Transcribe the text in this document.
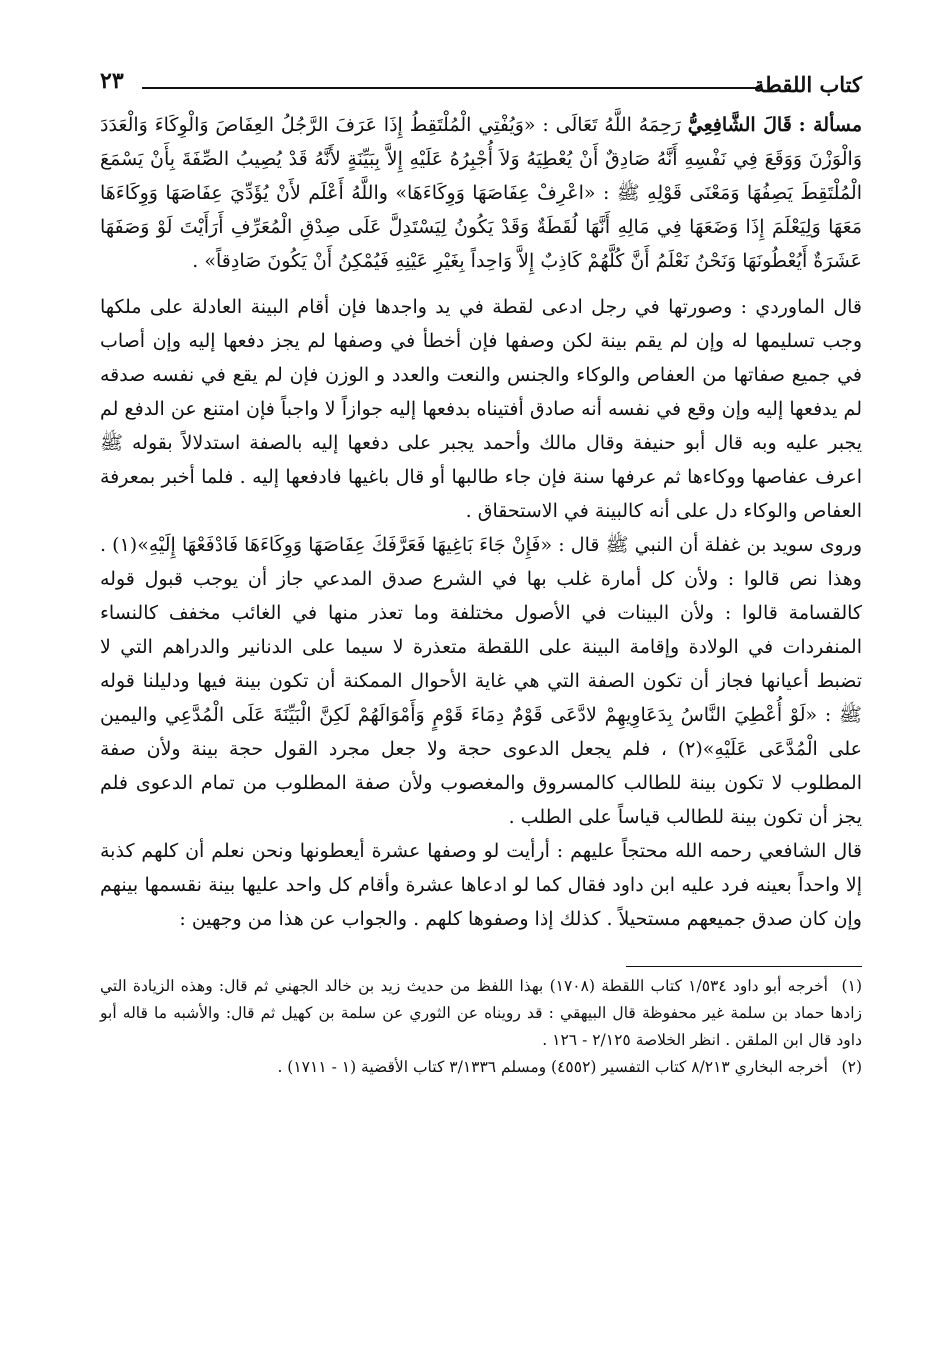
كتاب اللقطة
٢٣

مسألة : قَالَ الشَّافِعِيُّ رَحِمَهُ اللَّهُ تَعَالَى : «وَيُفْتِي الْمُلْتَقِطُ إِذَا عَرَفَ الرَّجُلُ العِفَاصَ وَالْوِكَاءَ وَالْعَدَدَ وَالْوَزْنَ وَوَقَعَ فِي نَفْسِهِ أَنَّهُ صَادِقٌ أَنْ يُعْطِيَهُ وَلاَ أُجْبِرُهُ عَلَيْهِ إِلاَّ بِبَيِّنَةٍ لأَنَّهُ قَدْ يُصِيبُ الصِّفَةَ بِأَنْ يَسْمَعَ الْمُلْتَقِطَ يَصِفُهَا وَمَعْنَى قَوْلِهِ ﷺ : «اعْرِفْ عِفَاصَهَا وَوِكَاءَهَا» واللَّهُ أَعْلَم لأَنْ يُؤَدِّيَ عِفَاصَهَا وَوِكَاءَهَا مَعَهَا وَلِيَعْلَمَ إِذَا وَضَعَهَا فِي مَالِهِ أَنَّهَا لُقَطَةٌ وَقَدْ يَكُونُ لِيَسْتَدِلَّ عَلَى صِدْقِ الْمُعَرِّفِ أَرَأَيْتَ لَوْ وَصَفَهَا عَشَرَةٌ أَيُعْطُونَهَا وَنَحْنُ نَعْلَمُ أَنَّ كُلَّهُمْ كَاذِبٌ إِلاَّ وَاحِداً بِغَيْرِ عَيْنِهِ فَيُمْكِنُ أَنْ يَكُونَ صَادِقاً» .

قال الماوردي : وصورتها في رجل ادعى لقطة في يد واجدها فإن أقام البينة العادلة على ملكها وجب تسليمها له وإن لم يقم بينة لكن وصفها فإن أخطأ في وصفها لم يجز دفعها إليه وإن أصاب في جميع صفاتها من العفاص والوكاء والجنس والنعت والعدد و الوزن فإن لم يقع في نفسه صدقه لم يدفعها إليه وإن وقع في نفسه أنه صادق أفتيناه بدفعها إليه جوازاً لا واجباً فإن امتنع عن الدفع لم يجبر عليه وبه قال أبو حنيفة وقال مالك وأحمد يجبر على دفعها إليه بالصفة استدلالاً بقوله ﷺ اعرف عفاصها ووكاءها ثم عرفها سنة فإن جاء طالبها أو قال باغيها فادفعها إليه . فلما أخبر بمعرفة العفاص والوكاء دل على أنه كالبينة في الاستحقاق .

وروى سويد بن غفلة أن النبي ﷺ قال : «فَإِنْ جَاءَ بَاغِيهَا فَعَرَّفَكَ عِفَاصَهَا وَوِكَاءَهَا فَادْفَعْهَا إِلَيْهِ»(١) . وهذا نص قالوا : ولأن كل أمارة غلب بها في الشرع صدق المدعي جاز أن يوجب قبول قوله كالقسامة قالوا : ولأن البينات في الأصول مختلفة وما تعذر منها في الغائب مخفف كالنساء المنفردات في الولادة وإقامة البينة على اللقطة متعذرة لا سيما على الدنانير والدراهم التي لا تضبط أعيانها فجاز أن تكون الصفة التي هي غاية الأحوال الممكنة أن تكون بينة فيها ودليلنا قوله ﷺ : «لَوْ أُعْطِيَ النَّاسُ بِدَعَاوِيهِمْ لادَّعَى قَوْمٌ دِمَاءَ قَوْمٍ وَأَمْوَالَهُمْ لَكِنَّ الْبَيِّنَةَ عَلَى الْمُدَّعِي واليمين على الْمُدَّعَى عَلَيْهِ»(٢) ، فلم يجعل الدعوى حجة ولا جعل مجرد القول حجة بينة ولأن صفة المطلوب لا تكون بينة للطالب كالمسروق والمغصوب ولأن صفة المطلوب من تمام الدعوى فلم يجز أن تكون بينة للطالب قياساً على الطلب .

قال الشافعي رحمه الله محتجاً عليهم : أرأيت لو وصفها عشرة أيعطونها ونحن نعلم أن كلهم كذبة إلا واحداً بعينه فرد عليه ابن داود فقال كما لو ادعاها عشرة وأقام كل واحد عليها بينة نقسمها بينهم وإن كان صدق جميعهم مستحيلاً . كذلك إذا وصفوها كلهم . والجواب عن هذا من وجهين :

(١)أخرجه أبو داود ١/٥٣٤ كتاب اللقطة (١٧٠٨) بهذا اللفظ من حديث زيد بن خالد الجهني ثم قال: وهذه الزيادة التي زادها حماد بن سلمة غير محفوظة قال البيهقي : قد رويناه عن الثوري عن سلمة بن كهيل ثم قال: والأشبه ما قاله أبو داود قال ابن الملقن . انظر الخلاصة ٢/١٢٥ - ١٢٦ .

(٢)أخرجه البخاري ٨/٢١٣ كتاب التفسير (٤٥٥٢) ومسلم ٣/١٣٣٦ كتاب الأقضية (١ - ١٧١١) .
